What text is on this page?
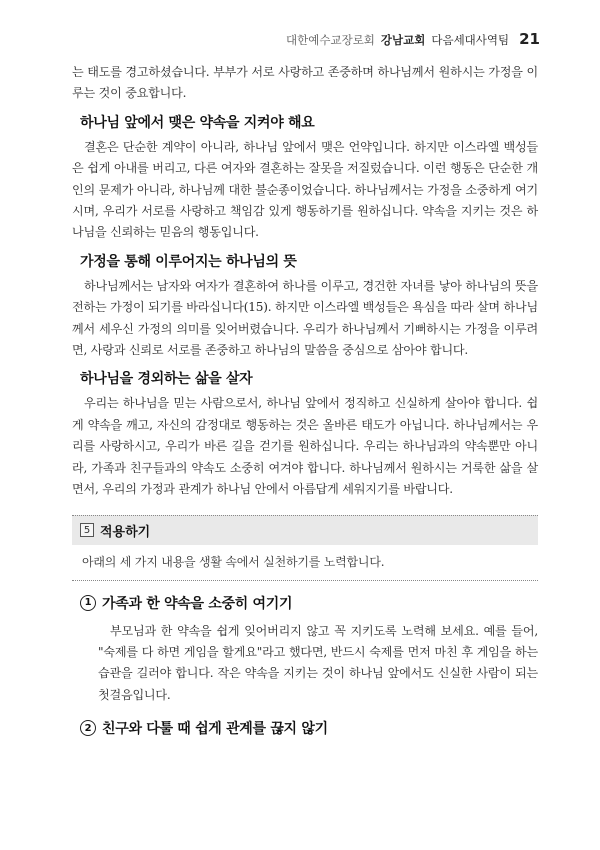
대한예수교장로회 강남교회 다음세대사역팀 21

는 태도를 경고하셨습니다. 부부가 서로 사랑하고 존중하며 하나님께서 원하시는 가정을 이루는 것이 중요합니다.

하나님 앞에서 맺은 약속을 지켜야 해요

결혼은 단순한 계약이 아니라, 하나님 앞에서 맺은 언약입니다. 하지만 이스라엘 백성들은 쉽게 아내를 버리고, 다른 여자와 결혼하는 잘못을 저질렀습니다. 이런 행동은 단순한 개인의 문제가 아니라, 하나님께 대한 불순종이었습니다. 하나님께서는 가정을 소중하게 여기시며, 우리가 서로를 사랑하고 책임감 있게 행동하기를 원하십니다. 약속을 지키는 것은 하나님을 신뢰하는 믿음의 행동입니다.

가정을 통해 이루어지는 하나님의 뜻

하나님께서는 남자와 여자가 결혼하여 하나를 이루고, 경건한 자녀를 낳아 하나님의 뜻을 전하는 가정이 되기를 바라십니다(15). 하지만 이스라엘 백성들은 욕심을 따라 살며 하나님께서 세우신 가정의 의미를 잊어버렸습니다. 우리가 하나님께서 기뻐하시는 가정을 이루려면, 사랑과 신뢰로 서로를 존중하고 하나님의 말씀을 중심으로 삼아야 합니다.

하나님을 경외하는 삶을 살자

우리는 하나님을 믿는 사람으로서, 하나님 앞에서 정직하고 신실하게 살아야 합니다. 쉽게 약속을 깨고, 자신의 감정대로 행동하는 것은 올바른 태도가 아닙니다. 하나님께서는 우리를 사랑하시고, 우리가 바른 길을 걷기를 원하십니다. 우리는 하나님과의 약속뿐만 아니라, 가족과 친구들과의 약속도 소중히 여겨야 합니다. 하나님께서 원하시는 거룩한 삶을 살면서, 우리의 가정과 관계가 하나님 안에서 아름답게 세워지기를 바랍니다.

5 적용하기
아래의 세 가지 내용을 생활 속에서 실천하기를 노력합니다.
1 가족과 한 약속을 소중히 여기기

부모님과 한 약속을 쉽게 잊어버리지 않고 꼭 지키도록 노력해 보세요. 예를 들어, "숙제를 다 하면 게임을 할게요"라고 했다면, 반드시 숙제를 먼저 마친 후 게임을 하는 습관을 길러야 합니다. 작은 약속을 지키는 것이 하나님 앞에서도 신실한 사람이 되는 첫걸음입니다.

2 친구와 다툴 때 쉽게 관계를 끊지 않기
